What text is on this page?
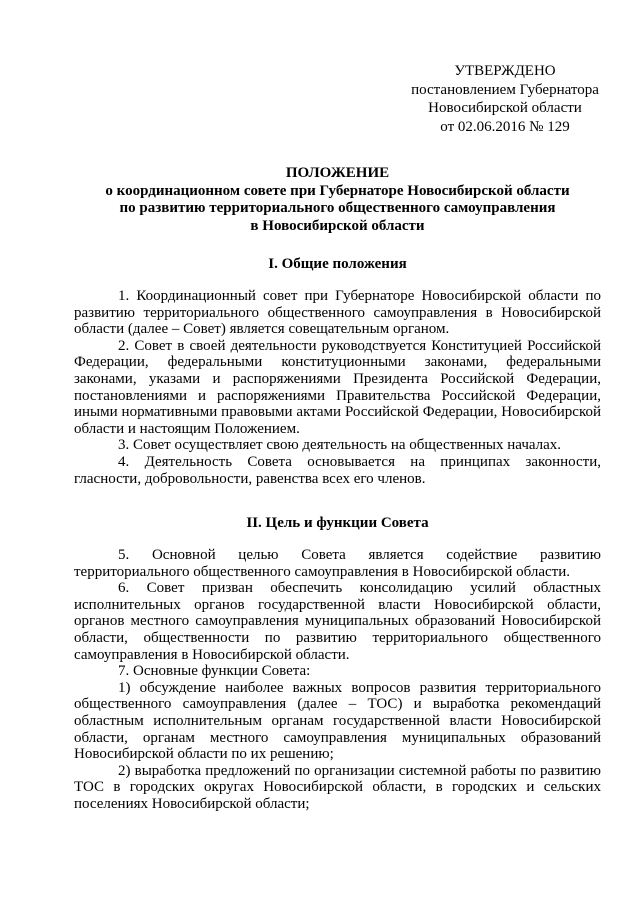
УТВЕРЖДЕНО
постановлением Губернатора
Новосибирской области
от 02.06.2016 № 129
ПОЛОЖЕНИЕ
о координационном совете при Губернаторе Новосибирской области
по развитию территориального общественного самоуправления
в Новосибирской области
I. Общие положения

1. Координационный совет при Губернаторе Новосибирской области по развитию территориального общественного самоуправления в Новосибирской области (далее – Совет) является совещательным органом.

2. Совет в своей деятельности руководствуется Конституцией Российской Федерации, федеральными конституционными законами, федеральными законами, указами и распоряжениями Президента Российской Федерации, постановлениями и распоряжениями Правительства Российской Федерации, иными нормативными правовыми актами Российской Федерации, Новосибирской области и настоящим Положением.

3. Совет осуществляет свою деятельность на общественных началах.

4. Деятельность Совета основывается на принципах законности, гласности, добровольности, равенства всех его членов.

II. Цель и функции Совета

5. Основной целью Совета является содействие развитию территориального общественного самоуправления в Новосибирской области.

6. Совет призван обеспечить консолидацию усилий областных исполнительных органов государственной власти Новосибирской области, органов местного самоуправления муниципальных образований Новосибирской области, общественности по развитию территориального общественного самоуправления в Новосибирской области.

7. Основные функции Совета:

1) обсуждение наиболее важных вопросов развития территориального общественного самоуправления (далее – ТОС) и выработка рекомендаций областным исполнительным органам государственной власти Новосибирской области, органам местного самоуправления муниципальных образований Новосибирской области по их решению;

2) выработка предложений по организации системной работы по развитию ТОС в городских округах Новосибирской области, в городских и сельских поселениях Новосибирской области;
